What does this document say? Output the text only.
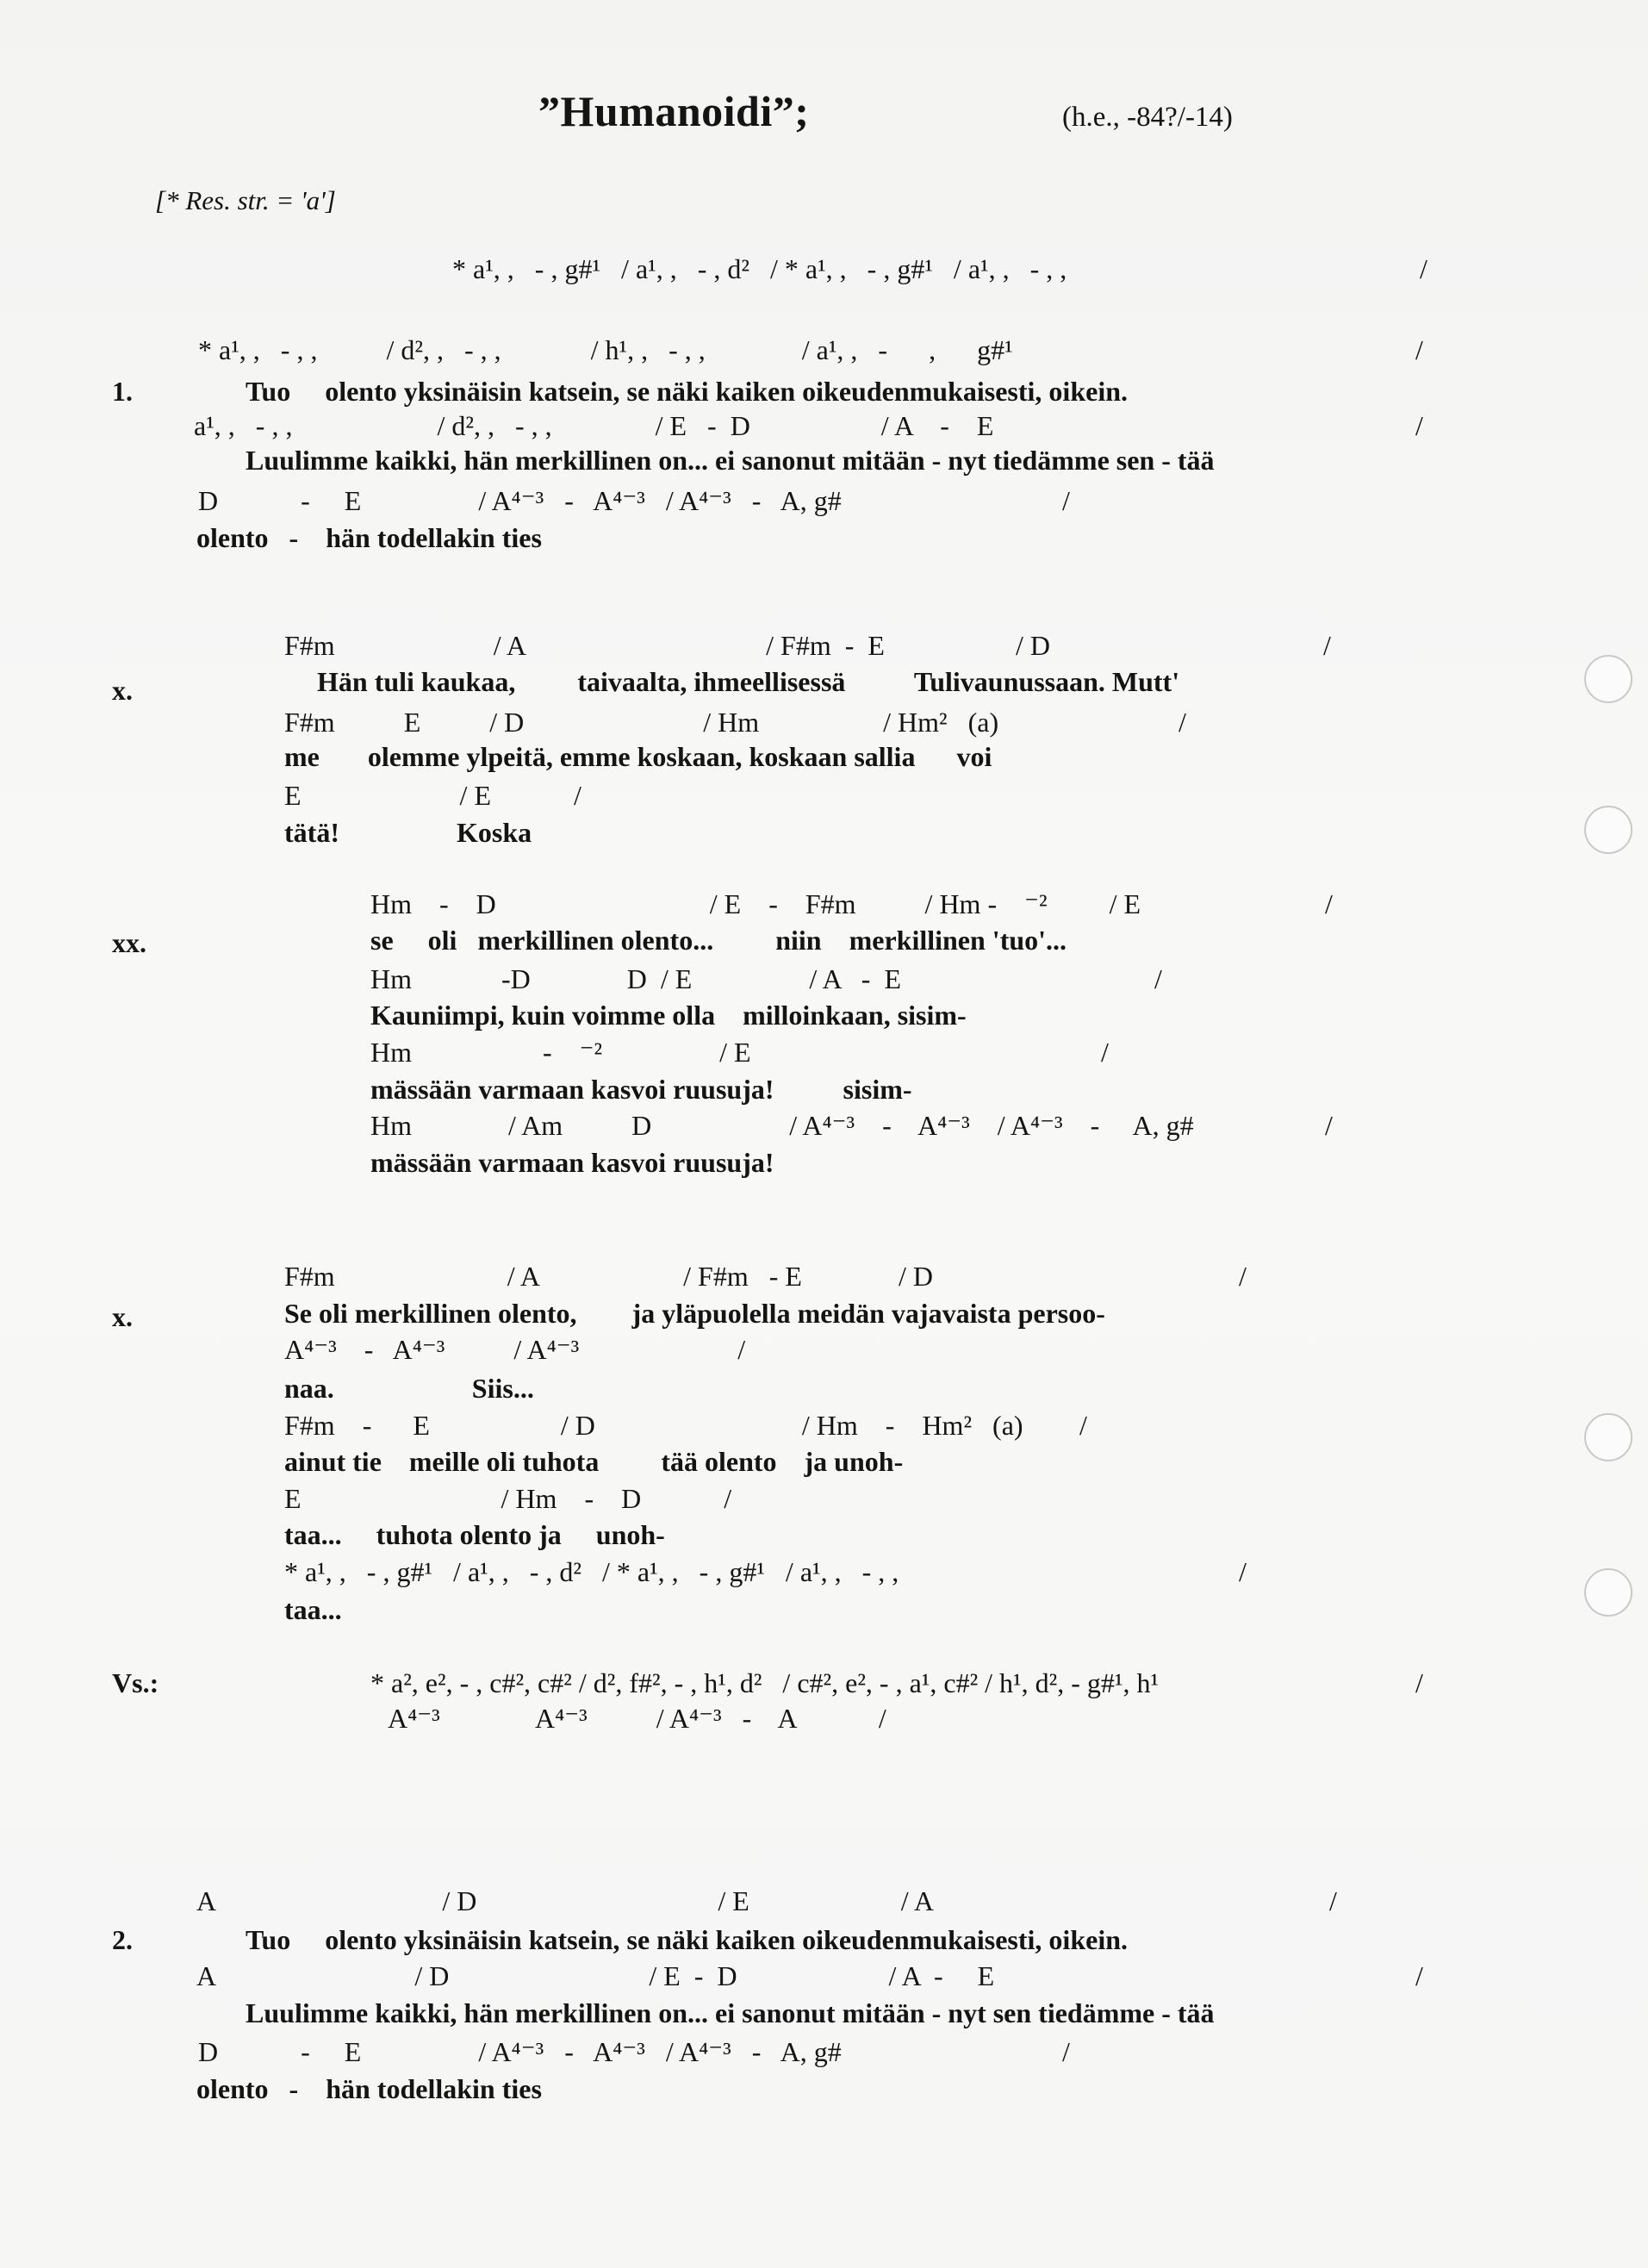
”Humanoidi”;	(h.e., -84?/-14)
[* Res. str. = 'a']
* a¹, ,   - , g#¹   / a¹, ,   - , d²   / * a¹, ,   - , g#¹   / a¹, ,   - , ,	/
* a¹, ,   - , ,          / d², ,   - , ,             / h¹, ,   - , ,              / a¹, ,   -      ,      g#¹	/
1.	Tuo     olento yksinäisin katsein, se näki kaiken oikeudenmukaisesti, oikein.
a¹, ,   - , ,                     / d², ,   - , ,               / E   -  D                   / A    -    E	/
Luulimme kaikki, hän merkillinen on... ei sanonut mitään - nyt tiedämme sen - tää
D            -     E                 / A⁴⁻³   -   A⁴⁻³   / A⁴⁻³   -   A, g#	/
olento   -    hän todellakin ties
F#m                       / A                                   / F#m  -  E                   / D	/
x.	Hän tuli kaukaa,         taivaalta, ihmeellisessä          Tulivaunussaan. Mutt'
F#m          E          / D                          / Hm                  / Hm²   (a)	/
me       olemme ylpeitä, emme koskaan, koskaan sallia      voi
E                       / E            /
tätä!                 Koska
Hm    -    D                               / E    -    F#m          / Hm -    ⁻²         / E	/
xx.	se     oli   merkillinen olento...         niin    merkillinen 'tuo'...
Hm             -D              D  / E                 / A   -  E	/
Kauniimpi, kuin voimme olla    milloinkaan, sisim-
Hm                   -    ⁻²                 / E	/
mässään varmaan kasvoi ruusuja!          sisim-
Hm              / Am          D                    / A⁴⁻³    -    A⁴⁻³    / A⁴⁻³    -     A, g#	/
mässään varmaan kasvoi ruusuja!
F#m                         / A                     / F#m   - E              / D	/
x.	Se oli merkillinen olento,        ja yläpuolella meidän vajavaista persoo-
A⁴⁻³    -   A⁴⁻³          / A⁴⁻³                       /
naa.                    Siis...
F#m    -      E                   / D                              / Hm    -    Hm²   (a) /
ainut tie    meille oli tuhota         tää olento    ja unoh-
E                             / Hm    -    D            /
taa...     tuhota olento ja     unoh-
* a¹, ,   - , g#¹   / a¹, ,   - , d²   / * a¹, ,   - , g#¹   / a¹, ,   - , ,	/
taa...
Vs.:	* a², e², - , c#², c#² / d², f#², - , h¹, d²   / c#², e², - , a¹, c#² / h¹, d², - g#¹, h¹	/
A⁴⁻³              A⁴⁻³          / A⁴⁻³   -    A            /
A                                 / D                                   / E                      / A	/
2.	Tuo     olento yksinäisin katsein, se näki kaiken oikeudenmukaisesti, oikein.
A                             / D                             / E  -  D                      / A  -     E	/
Luulimme kaikki, hän merkillinen on... ei sanonut mitään - nyt sen tiedämme - tää
D            -     E                 / A⁴⁻³   -   A⁴⁻³   / A⁴⁻³   -   A, g#	/
olento   -    hän todellakin ties
